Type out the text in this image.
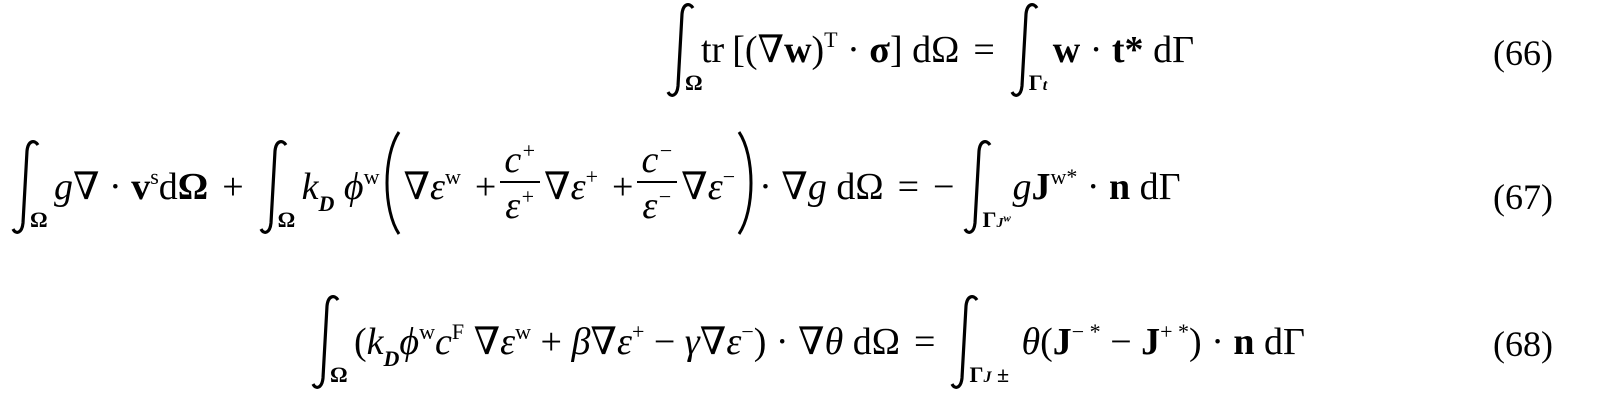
Ω
tr $[(\nabla w)^T \cdot \sigma] d\Omega$ =
Γt
w · t* dΓ	(66)
Ω
$g\nabla \cdot v^sd\Omega$ +
Ω
$k_D$ $\phi^w$ $\nabla\varepsilon^w + \frac{c^+}{\varepsilon^+} \nabla\varepsilon^+ + \frac{c^-}{\varepsilon^-} \nabla\varepsilon^- \cdot \nabla g$ dΩ =
−
$\Gamma J^w$
$gJ^{w*} \cdot n$ dΓ	(67)
Ω
($k_D\phi^wc^F$ $\nabla\varepsilon^w + \beta\nabla\varepsilon^+ - \gamma\nabla\varepsilon^-) \cdot \nabla\theta$ dΩ =
ΓJ ±
θ(J− * − J+ *) · n dΓ	(68)
